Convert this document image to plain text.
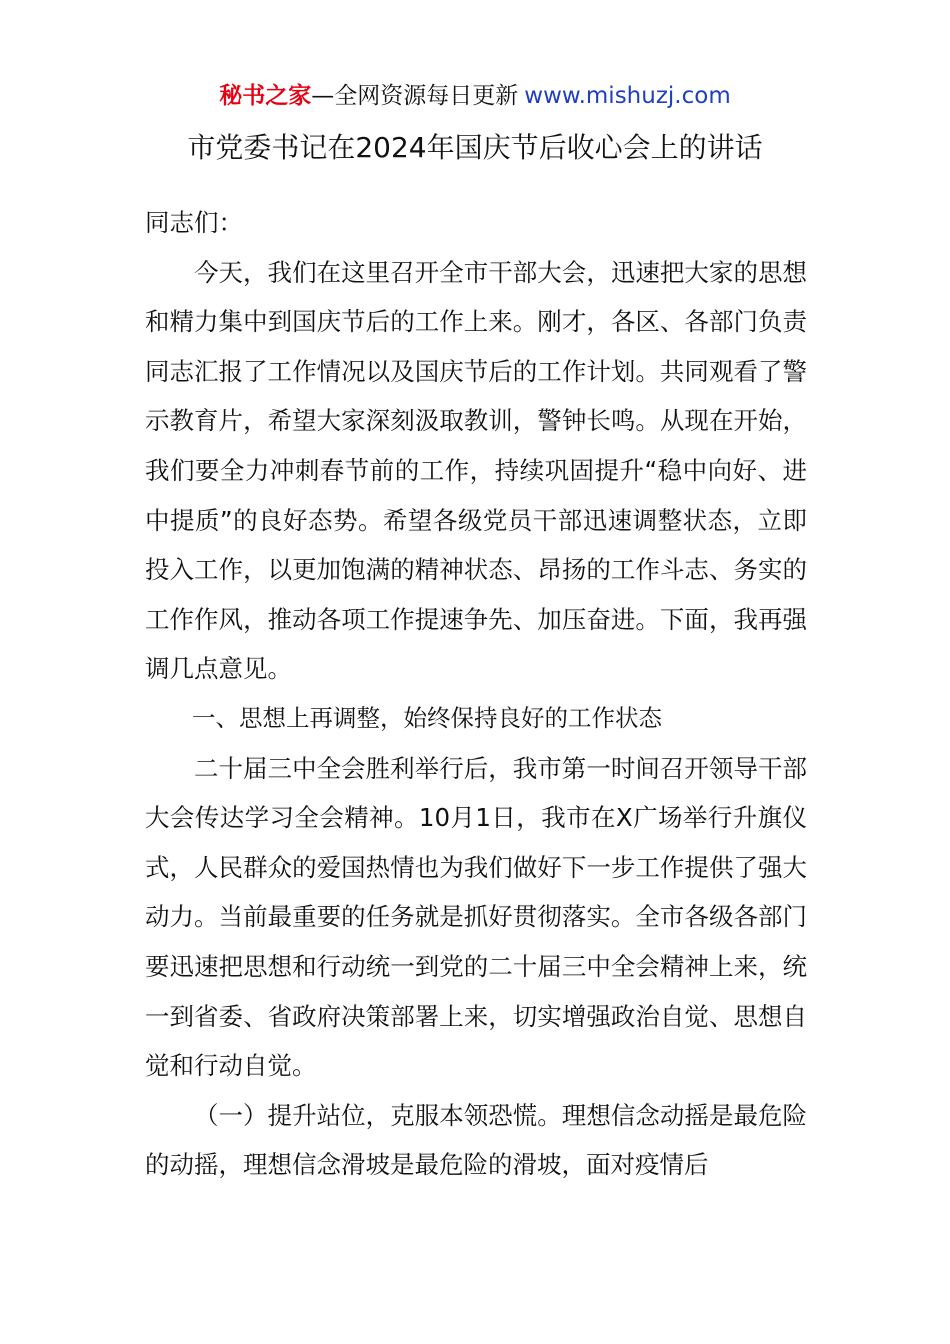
秘书之家—全网资源每日更新 www.mishuzj.com
市党委书记在2024年国庆节后收心会上的讲话

同志们：

今天，我们在这里召开全市干部大会，迅速把大家的思想和精力集中到国庆节后的工作上来。刚才，各区、各部门负责同志汇报了工作情况以及国庆节后的工作计划。共同观看了警示教育片，希望大家深刻汲取教训，警钟长鸣。从现在开始，我们要全力冲刺春节前的工作，持续巩固提升“稳中向好、进中提质”的良好态势。希望各级党员干部迅速调整状态，立即投入工作，以更加饱满的精神状态、昂扬的工作斗志、务实的工作作风，推动各项工作提速争先、加压奋进。下面，我再强调几点意见。

一、思想上再调整，始终保持良好的工作状态

二十届三中全会胜利举行后，我市第一时间召开领导干部大会传达学习全会精神。10月1日，我市在X广场举行升旗仪式，人民群众的爱国热情也为我们做好下一步工作提供了强大动力。当前最重要的任务就是抓好贯彻落实。全市各级各部门要迅速把思想和行动统一到党的二十届三中全会精神上来，统一到省委、省政府决策部署上来，切实增强政治自觉、思想自觉和行动自觉。

（一）提升站位，克服本领恐慌。理想信念动摇是最危险的动摇，理想信念滑坡是最危险的滑坡，面对疫情后
